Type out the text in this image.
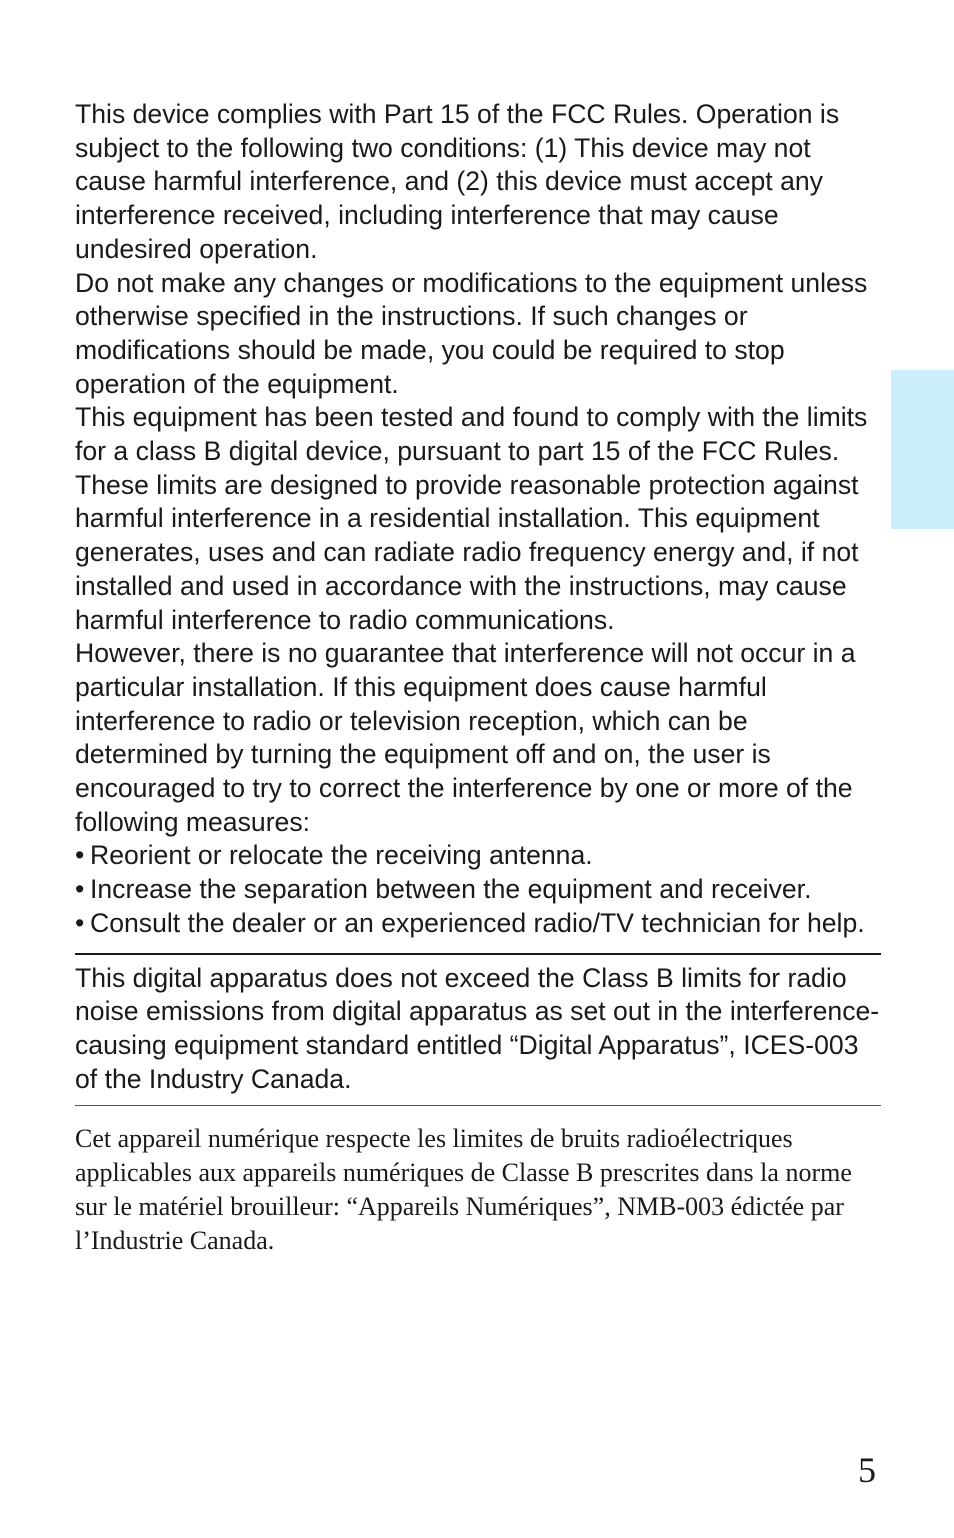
This device complies with Part 15 of the FCC Rules. Operation is subject to the following two conditions: (1) This device may not cause harmful interference, and (2) this device must accept any interference received, including interference that may cause undesired operation.

Do not make any changes or modifications to the equipment unless otherwise specified in the instructions. If such changes or modifications should be made, you could be required to stop operation of the equipment.

This equipment has been tested and found to comply with the limits for a class B digital device, pursuant to part 15 of the FCC Rules. These limits are designed to provide reasonable protection against harmful interference in a residential installation. This equipment generates, uses and can radiate radio frequency energy and, if not installed and used in accordance with the instructions, may cause harmful interference to radio communications.

However, there is no guarantee that interference will not occur in a particular installation. If this equipment does cause harmful interference to radio or television reception, which can be determined by turning the equipment off and on, the user is encouraged to try to correct the interference by one or more of the following measures:

• Reorient or relocate the receiving antenna.
• Increase the separation between the equipment and receiver.
• Consult the dealer or an experienced radio/TV technician for help.

This digital apparatus does not exceed the Class B limits for radio noise emissions from digital apparatus as set out in the interference-causing equipment standard entitled “Digital Apparatus”, ICES-003 of the Industry Canada.

Cet appareil numérique respecte les limites de bruits radioélectriques applicables aux appareils numériques de Classe B prescrites dans la norme sur le matériel brouilleur: “Appareils Numériques”, NMB-003 édictée par l’Industrie Canada.

5
